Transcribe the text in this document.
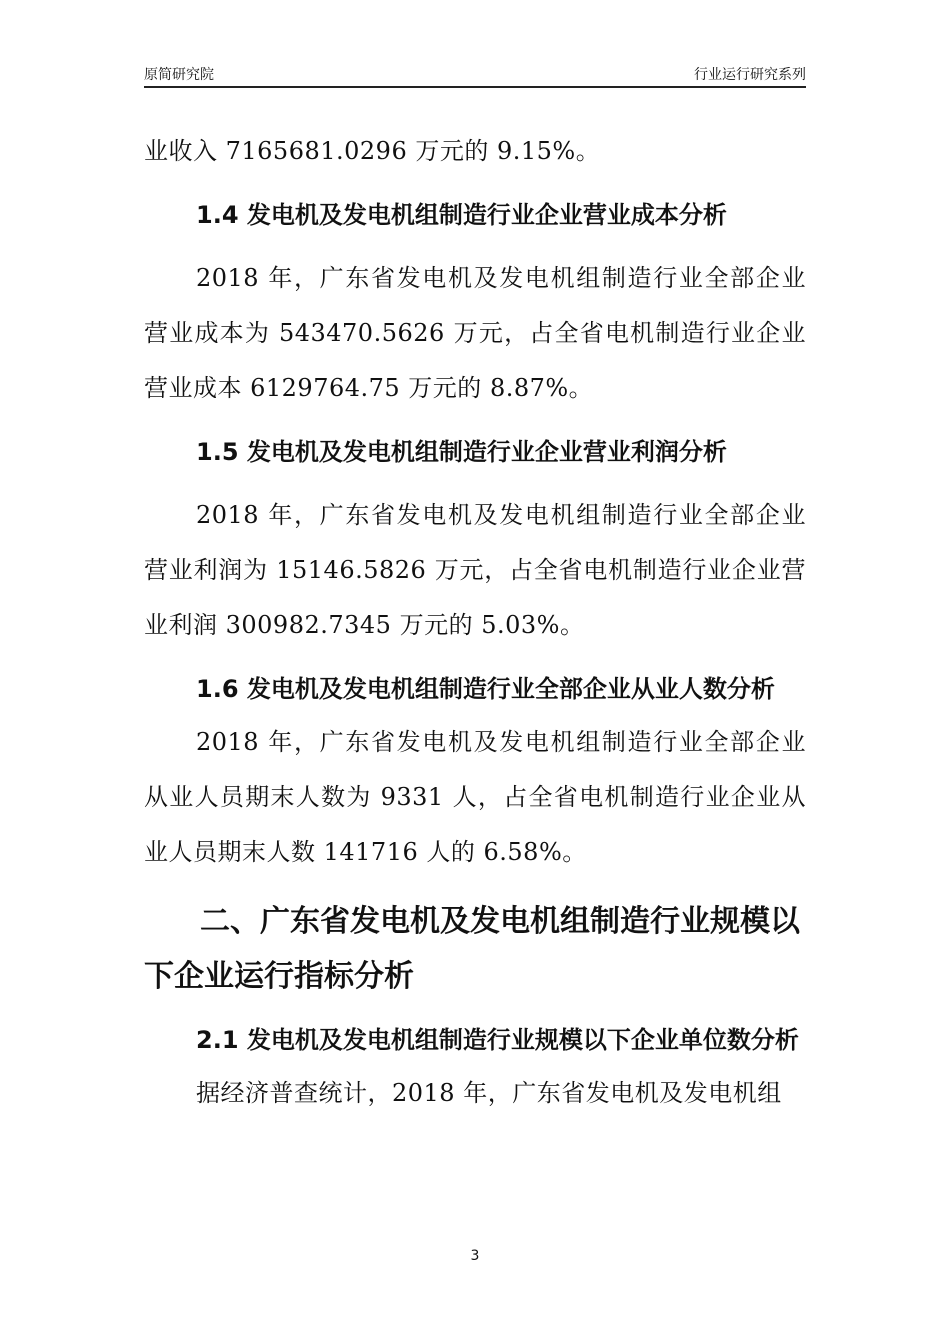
原简研究院	行业运行研究系列

业收入 7165681.0296 万元的 9.15%。

1.4 发电机及发电机组制造行业企业营业成本分析

2018 年，广东省发电机及发电机组制造行业全部企业营业成本为 543470.5626 万元，占全省电机制造行业企业营业成本 6129764.75 万元的 8.87%。

1.5 发电机及发电机组制造行业企业营业利润分析

2018 年，广东省发电机及发电机组制造行业全部企业营业利润为 15146.5826 万元，占全省电机制造行业企业营业利润 300982.7345 万元的 5.03%。

1.6 发电机及发电机组制造行业全部企业从业人数分析

2018 年，广东省发电机及发电机组制造行业全部企业从业人员期末人数为 9331 人，占全省电机制造行业企业从业人员期末人数 141716 人的 6.58%。

二、广东省发电机及发电机组制造行业规模以下企业运行指标分析
2.1 发电机及发电机组制造行业规模以下企业单位数分析

据经济普查统计，2018 年，广东省发电机及发电机组

3
